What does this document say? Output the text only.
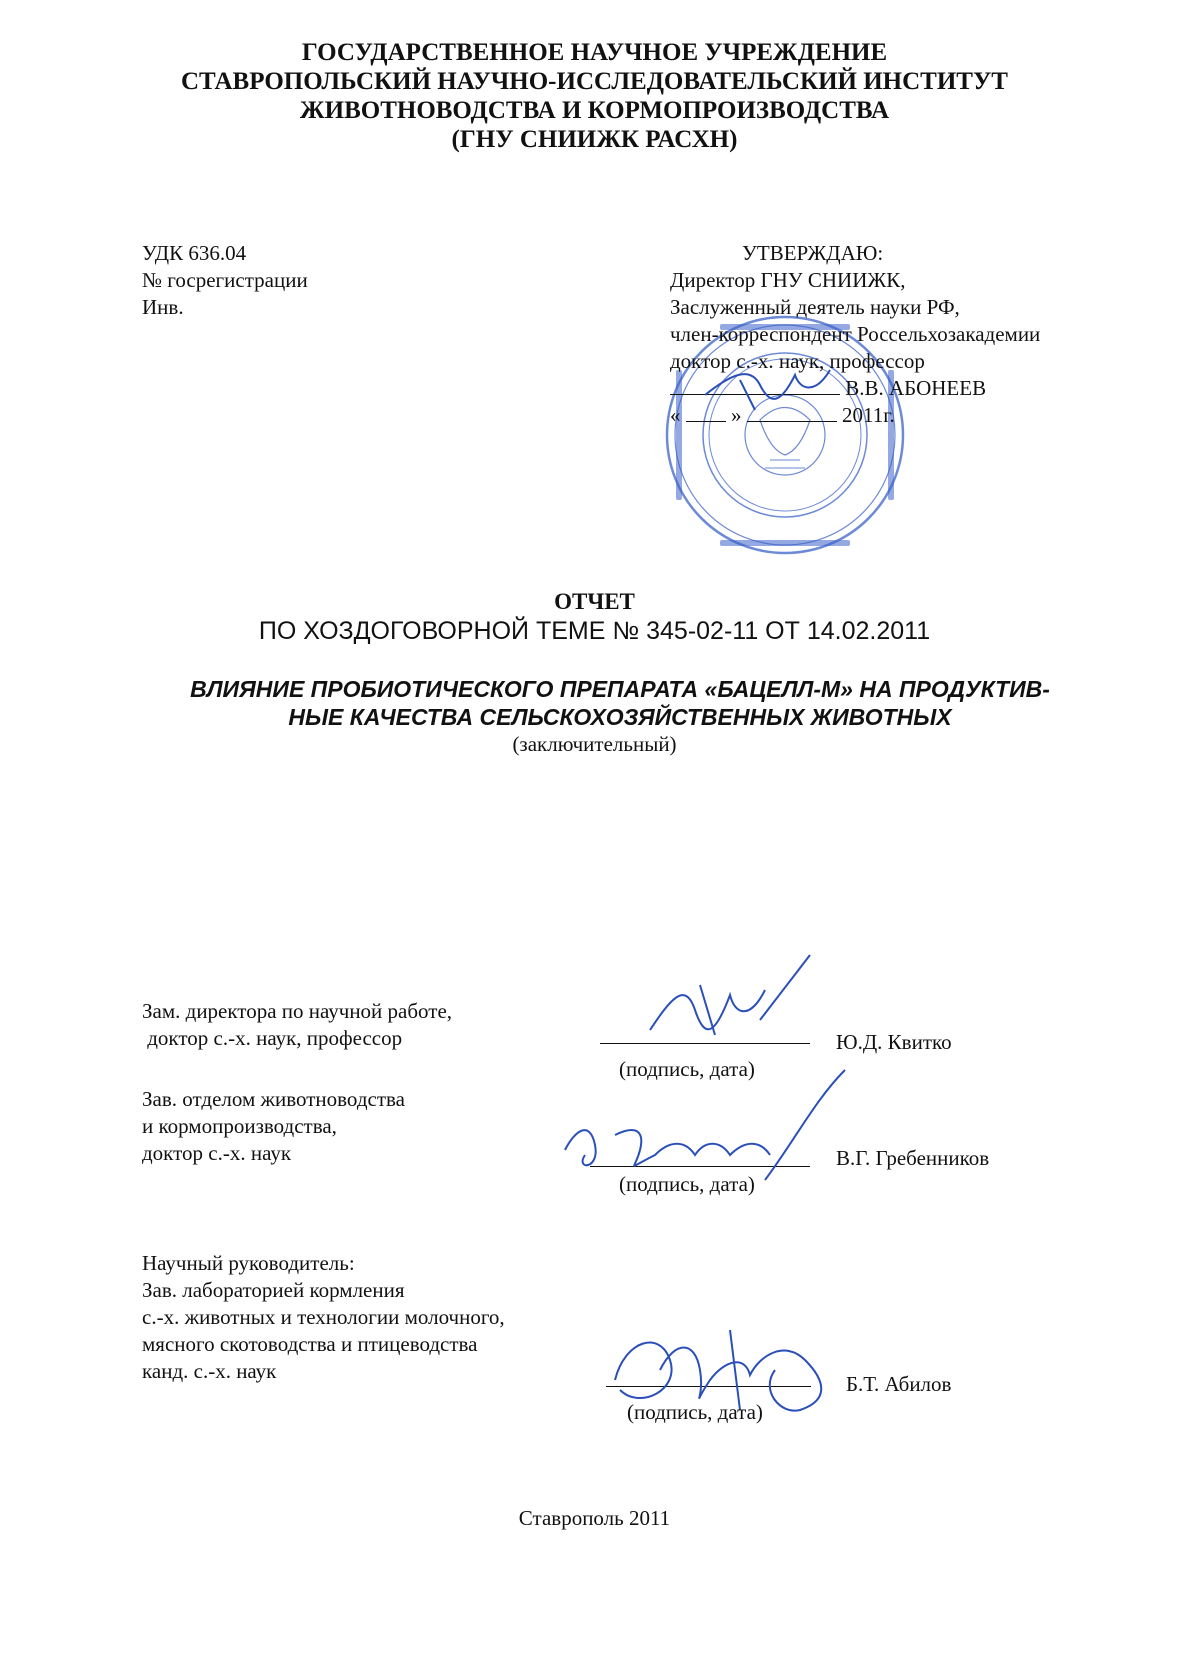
ГОСУДАРСТВЕННОЕ НАУЧНОЕ УЧРЕЖДЕНИЕ
СТАВРОПОЛЬСКИЙ НАУЧНО-ИССЛЕДОВАТЕЛЬСКИЙ ИНСТИТУТ
ЖИВОТНОВОДСТВА И КОРМОПРОИЗВОДСТВА
(ГНУ СНИИЖК РАСХН)
УДК 636.04
№ госрегистрации
Инв.
УТВЕРЖДАЮ:
Директор ГНУ СНИИЖК,
Заслуженный деятель науки РФ,
член-корреспондент Россельхозакадемии
доктор с.-х. наук, профессор
В.В. АБОНЕЕВ
« »	2011г.
ОТЧЕТ
ПО ХОЗДОГОВОРНОЙ ТЕМЕ № 345-02-11 ОТ 14.02.2011
ВЛИЯНИЕ ПРОБИОТИЧЕСКОГО ПРЕПАРАТА «БАЦЕЛЛ-М» НА ПРОДУКТИВ-
НЫЕ КАЧЕСТВА СЕЛЬСКОХОЗЯЙСТВЕННЫХ ЖИВОТНЫХ
(заключительный)
Зам. директора по научной работе,
доктор с.-х. наук, профессор	Ю.Д. Квитко
(подпись, дата)
Зав. отделом животноводства
и кормопроизводства,
доктор с.-х. наук	В.Г. Гребенников
(подпись, дата)
Научный руководитель:
Зав. лабораторией кормления
с.-х. животных и технологии молочного,
мясного скотоводства и птицеводства
канд. с.-х. наук
Б.Т. Абилов
(подпись, дата)
Ставрополь 2011
